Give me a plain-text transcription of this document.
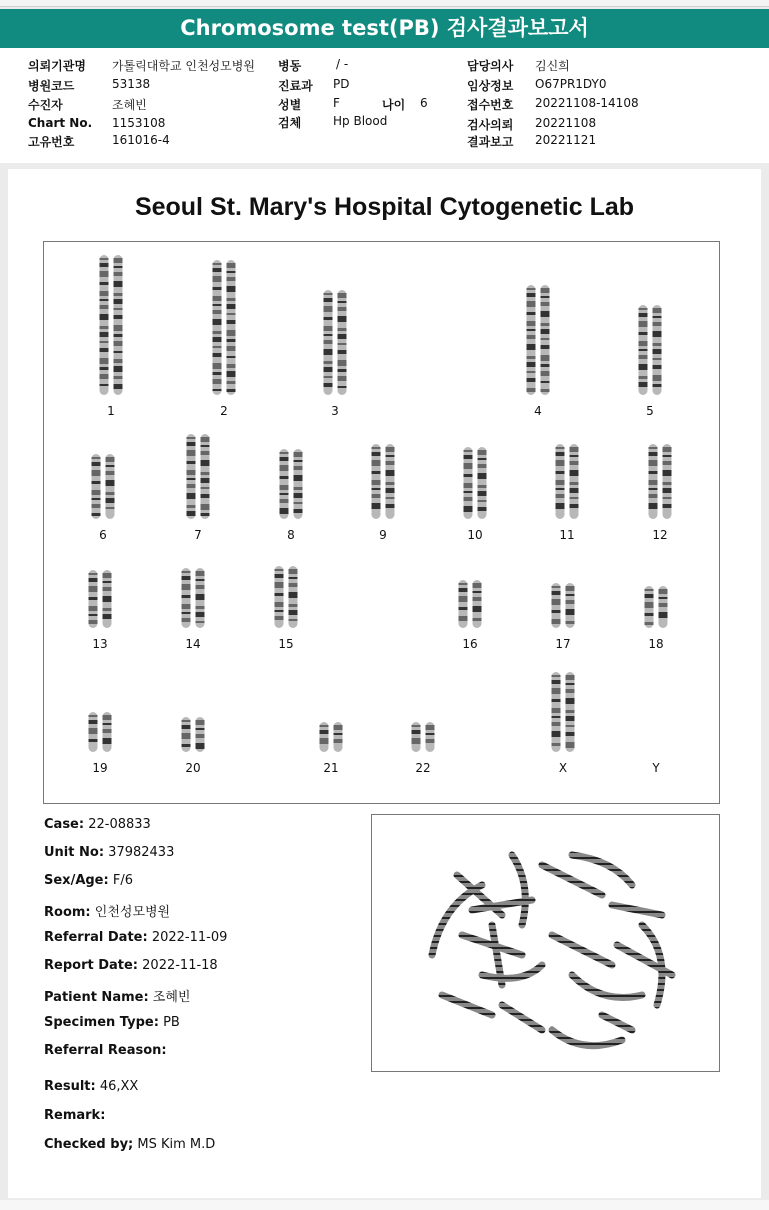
Chromosome test(PB) 검사결과보고서
의뢰기관명 가톨릭대학교 인천성모병원
병원코드	53138
수진자	조혜빈
Chart No. 1153108
고유번호	161016-4
병동	/ -
진료과 PD
성별	F	나이 6
검체	Hp Blood
담당의사 김신희
임상정보 O67PR1DY0
접수번호 20221108-14108
검사의뢰 20221108
결과보고 20221121
Seoul St. Mary's Hospital Cytogenetic Lab
1	2	3	4	5
6	7	8	9	10	11	12
13	14	15	16	17	18
19	20	21	22	X	Y
Case: 22-08833
Unit No: 37982433
Sex/Age: F/6
Room: 인천성모병원
Referral Date: 2022-11-09
Report Date: 2022-11-18
Patient Name: 조혜빈
Specimen Type: PB
Referral Reason:
Result: 46,XX
Remark:
Checked by; MS Kim M.D
